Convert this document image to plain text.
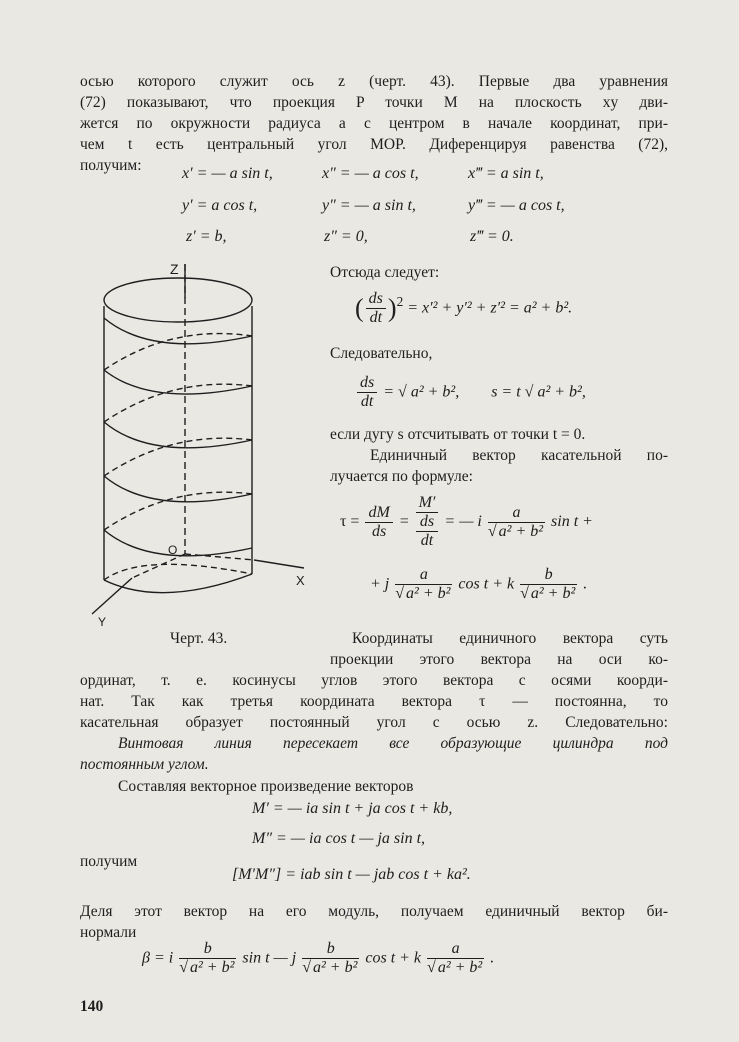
осью которого служит ось z (черт. 43). Первые два уравнения
(72) показывают, что проекция P точки M на плоскость xy дви-
жется по окружности радиуса a с центром в начале координат, при-
чем t есть центральный угол MOP. Диференцируя равенства (72),
получим:	x′ = — a sin t,	x″ = — a cos t,	x‴ = a sin t,
y′ = a cos t,	y″ = — a sin t,	y‴ = — a cos t,
z′ = b,	z″ = 0,	z‴ = 0.
Z
X
Y
O
Отсюда следует:
( $\frac{ds}{dt} )^2 = x'^2 + y'^2 + z'^2 = a^2 + b^2$.
Следовательно,
$\frac{ds}{dt}$ = √ a² + b², s = t √ a² + b²,
если дугу s отсчитывать от точки t = 0.
Единичный вектор касательной по-
лучается по формуле:
$\tau = \frac{dM}{ds}$ =
M′
ds
dt
= — i $\frac{a}{\text{√ a² + b²}}$ sin t +
+ j $\frac{a}{\text{√ a² + b²}}$ cos t + k $\frac{b}{\text{√ a² + b²}}$ .
Черт. 43.	Координаты единичного вектора суть
проекции этого вектора на оси ко-
ординат, т. е. косинусы углов этого вектора с осями коорди-
нат. Так как третья координата вектора τ — постоянна, то
касательная образует постоянный угол с осью z. Следовательно:
Винтовая линия пересекает все образующие цилиндра под
постоянным углом.
Составляя векторное произведение векторов
M′ = — ia sin t + ja cos t + kb,
M″ = — ia cos t — ja sin t,
получим
[M′M″] = iab sin t — jab cos t + ka².
Деля этот вектор на его модуль, получаем единичный вектор би-
нормали
β = i $\frac{b}{\text{√ a² + b²}}$ sin t — j $\frac{b}{\text{√ a² + b²}}$ cos t + k $\frac{a}{\text{√ a² + b²}}$ .
140
